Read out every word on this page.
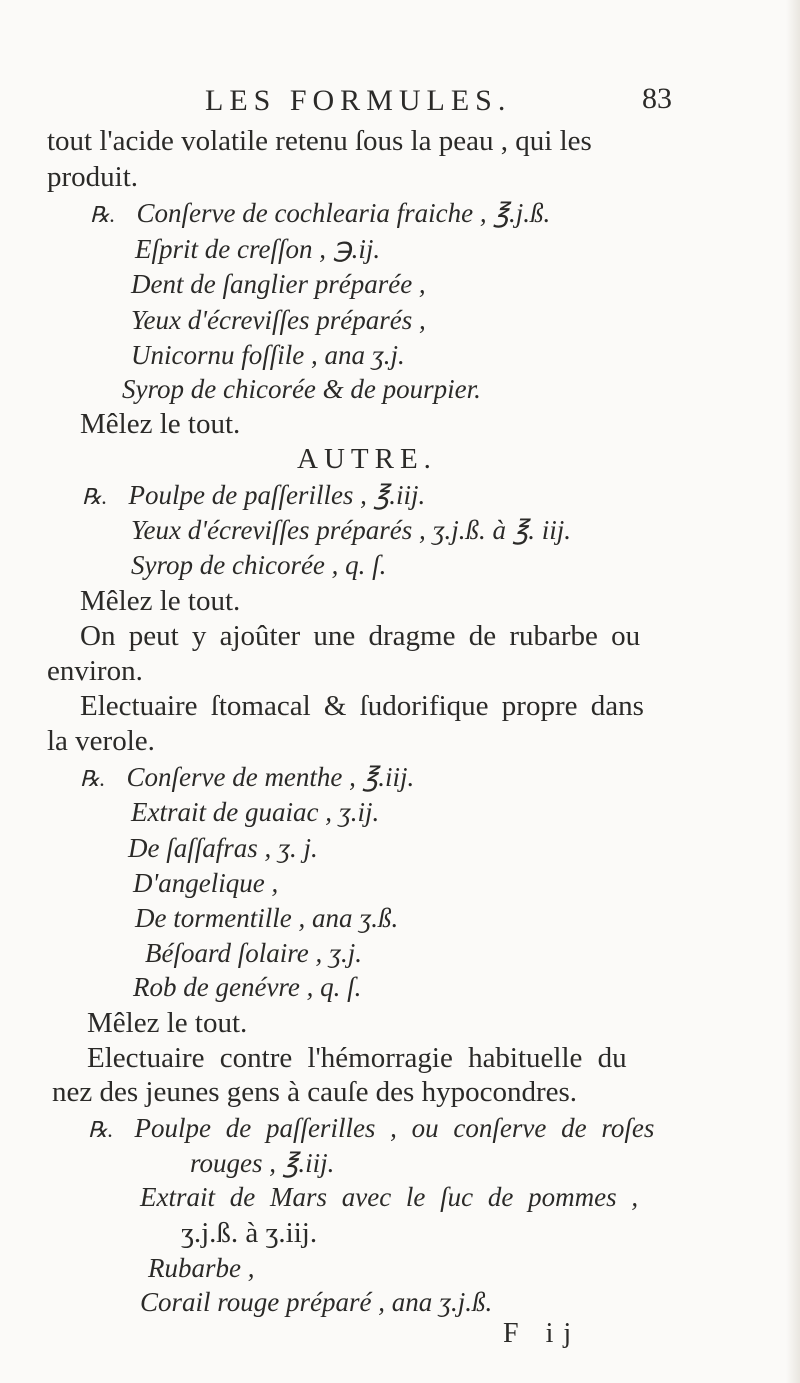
LES FORMULES.	83
tout l'acide volatile retenu ſous la peau , qui les
produit.
℞. Conſerve de cochlearia fraiche , ℥.j.ß.
Eſprit de creſſon , ℈.ij.
Dent de ſanglier préparée ,
Yeux d'écreviſſes préparés ,
Unicornu foſſile , ana ʒ.j.
Syrop de chicorée & de pourpier.
Mêlez le tout.
AUTRE.
℞. Poulpe de paſſerilles , ℥.iij.
Yeux d'écreviſſes préparés , ʒ.j.ß. à ℥. iij.
Syrop de chicorée , q. ſ.
Mêlez le tout.
On peut y ajoûter une dragme de rubarbe ou
environ.
Electuaire ſtomacal & ſudorifique propre dans
la verole.
℞. Conſerve de menthe , ℥.iij.
Extrait de guaiac , ʒ.ij.
De ſaſſafras , ʒ. j.
D'angelique ,
De tormentille , ana ʒ.ß.
Béſoard ſolaire , ʒ.j.
Rob de genévre , q. ſ.
Mêlez le tout.
Electuaire contre l'hémorragie habituelle du
nez des jeunes gens à cauſe des hypocondres.
℞. Poulpe de paſſerilles , ou conſerve de roſes
rouges , ℥.iij.
Extrait de Mars avec le ſuc de pommes ,
ʒ.j.ß. à ʒ.iij.
Rubarbe ,
Corail rouge préparé , ana ʒ.j.ß.
F ij
